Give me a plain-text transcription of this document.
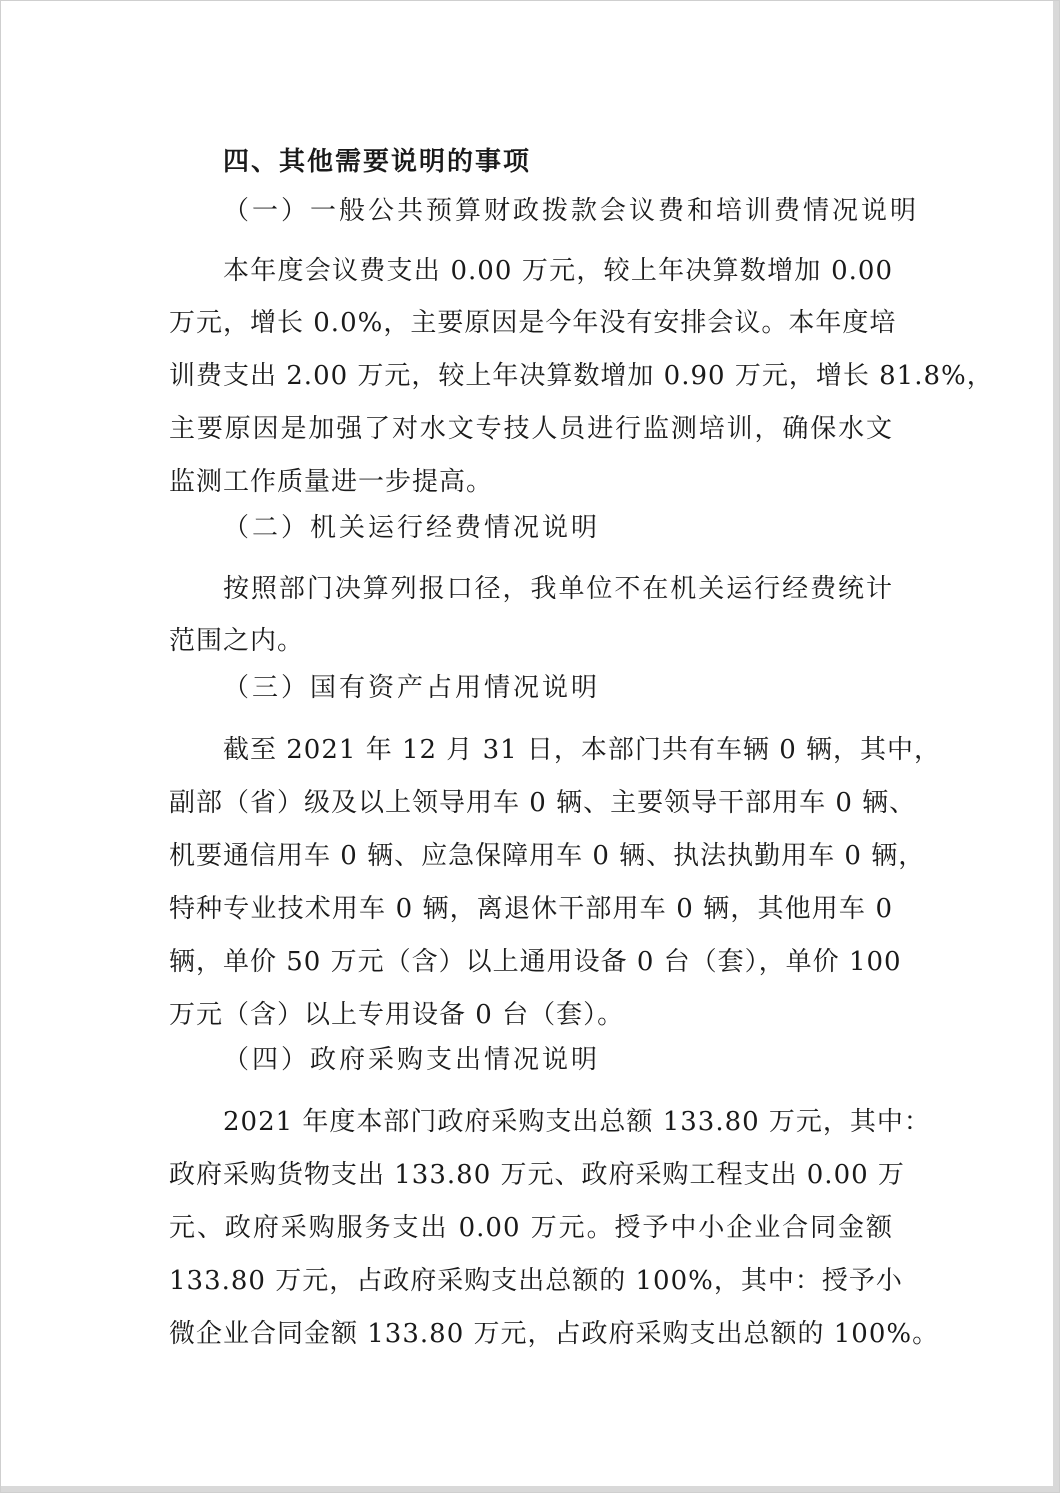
四、其他需要说明的事项
（一）一般公共预算财政拨款会议费和培训费情况说明
本年度会议费支出 0.00 万元，较上年决算数增加 0.00
万元，增长 0.0%，主要原因是今年没有安排会议。本年度培
训费支出 2.00 万元，较上年决算数增加 0.90 万元，增长 81.8%，
主要原因是加强了对水文专技人员进行监测培训，确保水文
监测工作质量进一步提高。
（二）机关运行经费情况说明
按照部门决算列报口径，我单位不在机关运行经费统计
范围之内。
（三）国有资产占用情况说明
截至 2021 年 12 月 31 日，本部门共有车辆 0 辆，其中，
副部（省）级及以上领导用车 0 辆、主要领导干部用车 0 辆、
机要通信用车 0 辆、应急保障用车 0 辆、执法执勤用车 0 辆，
特种专业技术用车 0 辆，离退休干部用车 0 辆，其他用车 0
辆，单价 50 万元（含）以上通用设备 0 台（套），单价 100
万元（含）以上专用设备 0 台（套）。
（四）政府采购支出情况说明
2021 年度本部门政府采购支出总额 133.80 万元，其中：
政府采购货物支出 133.80 万元、政府采购工程支出 0.00 万
元、政府采购服务支出 0.00 万元。授予中小企业合同金额
133.80 万元，占政府采购支出总额的 100%，其中：授予小
微企业合同金额 133.80 万元，占政府采购支出总额的 100%。
